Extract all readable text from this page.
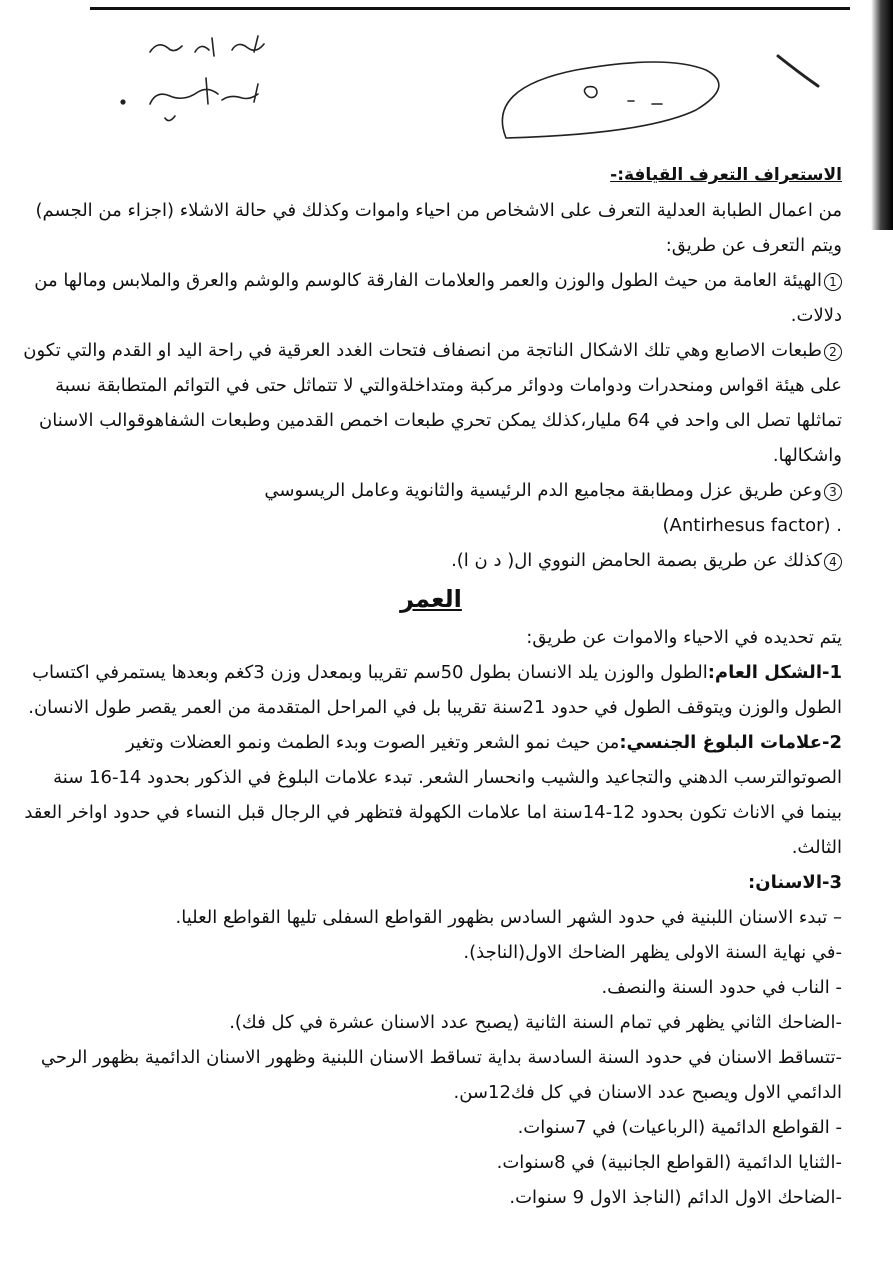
الاستعراف التعرف القيافة:-

من اعمال الطبابة العدلية التعرف على الاشخاص من احياء واموات وكذلك في حالة الاشلاء (اجزاء من الجسم) ويتم التعرف عن طريق:

1الهيئة العامة من حيث الطول والوزن والعمر والعلامات الفارقة كالوسم والوشم والعرق والملابس ومالها من دلالات.

2طبعات الاصابع وهي تلك الاشكال الناتجة من انصفاف فتحات الغدد العرقية في راحة اليد او القدم والتي تكون على هيئة اقواس ومنحدرات ودوامات ودوائر مركبة ومتداخلةوالتي لا تتماثل حتى في التوائم المتطابقة نسبة تماثلها تصل الى واحد في 64 مليار،كذلك يمكن تحري طبعات اخمص القدمين وطبعات الشفاهوقوالب الاسنان واشكالها.

3وعن طريق عزل ومطابقة مجاميع الدم الرئيسية والثانوية وعامل الريسوسي
(Antirhesus factor) .

4كذلك عن طريق بصمة الحامض النووي ال( د ن ا).

العمر

يتم تحديده في الاحياء والاموات عن طريق:

1-الشكل العام:الطول والوزن يلد الانسان بطول 50سم تقريبا وبمعدل وزن 3كغم وبعدها يستمرفي اكتساب الطول والوزن ويتوقف الطول في حدود 21سنة تقريبا بل في المراحل المتقدمة من العمر يقصر طول الانسان.

2-علامات البلوغ الجنسي:من حيث نمو الشعر وتغير الصوت وبدء الطمث ونمو العضلات وتغير الصوتوالترسب الدهني والتجاعيد والشيب وانحسار الشعر. تبدء علامات البلوغ في الذكور بحدود 14-16 سنة بينما في الاناث تكون بحدود 12-14سنة اما علامات الكهولة فتظهر في الرجال قبل النساء في حدود اواخر العقد الثالث.

3-الاسنان:

– تبدء الاسنان اللبنية في حدود الشهر السادس بظهور القواطع السفلى تليها القواطع العليا.

-في نهاية السنة الاولى يظهر الضاحك الاول(الناجذ).

- الناب في حدود السنة والنصف.

-الضاحك الثاني يظهر في تمام السنة الثانية (يصبح عدد الاسنان عشرة في كل فك).

-تتساقط الاسنان في حدود السنة السادسة بداية تساقط الاسنان اللبنية وظهور الاسنان الدائمية بظهور الرحي الدائمي الاول ويصبح عدد الاسنان في كل فك12سن.

- القواطع الدائمية (الرباعيات) في 7سنوات.

-الثنايا الدائمية (القواطع الجانبية) في 8سنوات.

-الضاحك الاول الدائم (الناجذ الاول 9 سنوات.
